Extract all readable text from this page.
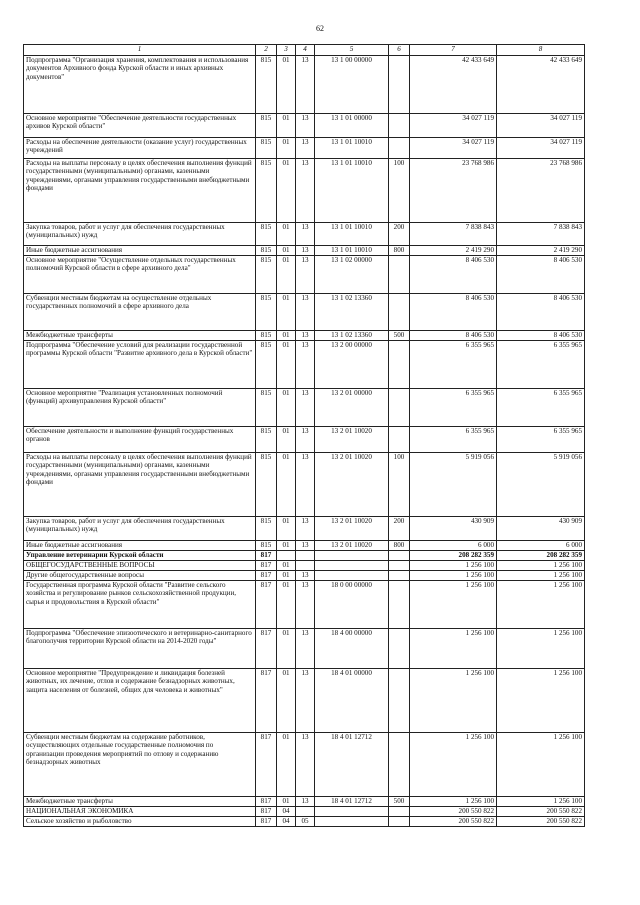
62
1	2	3	4	5	6	7	8
Подпрограмма "Организация хранения, комплектования и использования документов Архивного фонда Курской области и иных архивных документов"	815	01	13	13 1 00 00000		42 433 649	42 433 649
Основное мероприятие "Обеспечение деятельности государственных архивов Курской области"	815	01	13	13 1 01 00000		34 027 119	34 027 119
Расходы на обеспечение деятельности (оказание услуг) государственных учреждений	815	01	13	13 1 01 10010		34 027 119	34 027 119
Расходы на выплаты персоналу в целях обеспечения выполнения функций государственными (муниципальными) органами, казенными учреждениями, органами управления государственными внебюджетными фондами	815	01	13	13 1 01 10010	100	23 768 986	23 768 986
Закупка товаров, работ и услуг для обеспечения государственных (муниципальных) нужд	815	01	13	13 1 01 10010	200	7 838 843	7 838 843
Иные бюджетные ассигнования	815	01	13	13 1 01 10010	800	2 419 290	2 419 290
Основное мероприятие "Осуществление отдельных государственных полномочий Курской области в сфере архивного дела"	815	01	13	13 1 02 00000		8 406 530	8 406 530
Субвенции местным бюджетам на осуществление отдельных государственных полномочий в сфере архивного дела	815	01	13	13 1 02 13360		8 406 530	8 406 530
Межбюджетные трансферты	815	01	13	13 1 02 13360	500	8 406 530	8 406 530
Подпрограмма "Обеспечение условий для реализации государственной программы Курской области "Развитие архивного дела в Курской области"	815	01	13	13 2 00 00000		6 355 965	6 355 965
Основное мероприятие "Реализация установленных полномочий (функций) архивуправления Курской области"	815	01	13	13 2 01 00000		6 355 965	6 355 965
Обеспечение деятельности и выполнение функций государственных органов	815	01	13	13 2 01 10020		6 355 965	6 355 965
Расходы на выплаты персоналу в целях обеспечения выполнения функций государственными (муниципальными) органами, казенными учреждениями, органами управления государственными внебюджетными фондами	815	01	13	13 2 01 10020	100	5 919 056	5 919 056
Закупка товаров, работ и услуг для обеспечения государственных (муниципальных) нужд	815	01	13	13 2 01 10020	200	430 909	430 909
Иные бюджетные ассигнования	815	01	13	13 2 01 10020	800	6 000	6 000
Управление ветеринарии Курской области	817					208 282 359	208 282 359
ОБЩЕГОСУДАРСТВЕННЫЕ ВОПРОСЫ	817	01				1 256 100	1 256 100
Другие общегосударственные вопросы	817	01	13			1 256 100	1 256 100
Государственная программа Курской области "Развитие сельского хозяйства и регулирование рынков сельскохозяйственной продукции, сырья и продовольствия в Курской области"	817	01	13	18 0 00 00000		1 256 100	1 256 100
Подпрограмма "Обеспечение эпизоотического и ветеринарно-санитарного благополучия территории Курской области на 2014-2020 годы"	817	01	13	18 4 00 00000		1 256 100	1 256 100
Основное мероприятие "Предупреждение и ликвидация болезней животных, их лечение, отлов и содержание безнадзорных животных, защита населения от болезней, общих для человека и животных"	817	01	13	18 4 01 00000		1 256 100	1 256 100
Субвенции местным бюджетам на содержание работников, осуществляющих отдельные государственные полномочия по организации проведения мероприятий по отлову и содержанию безнадзорных животных	817	01	13	18 4 01 12712		1 256 100	1 256 100
Межбюджетные трансферты	817	01	13	18 4 01 12712	500	1 256 100	1 256 100
НАЦИОНАЛЬНАЯ ЭКОНОМИКА	817	04				200 550 822	200 550 822
Сельское хозяйство и рыболовство	817	04	05			200 550 822	200 550 822
